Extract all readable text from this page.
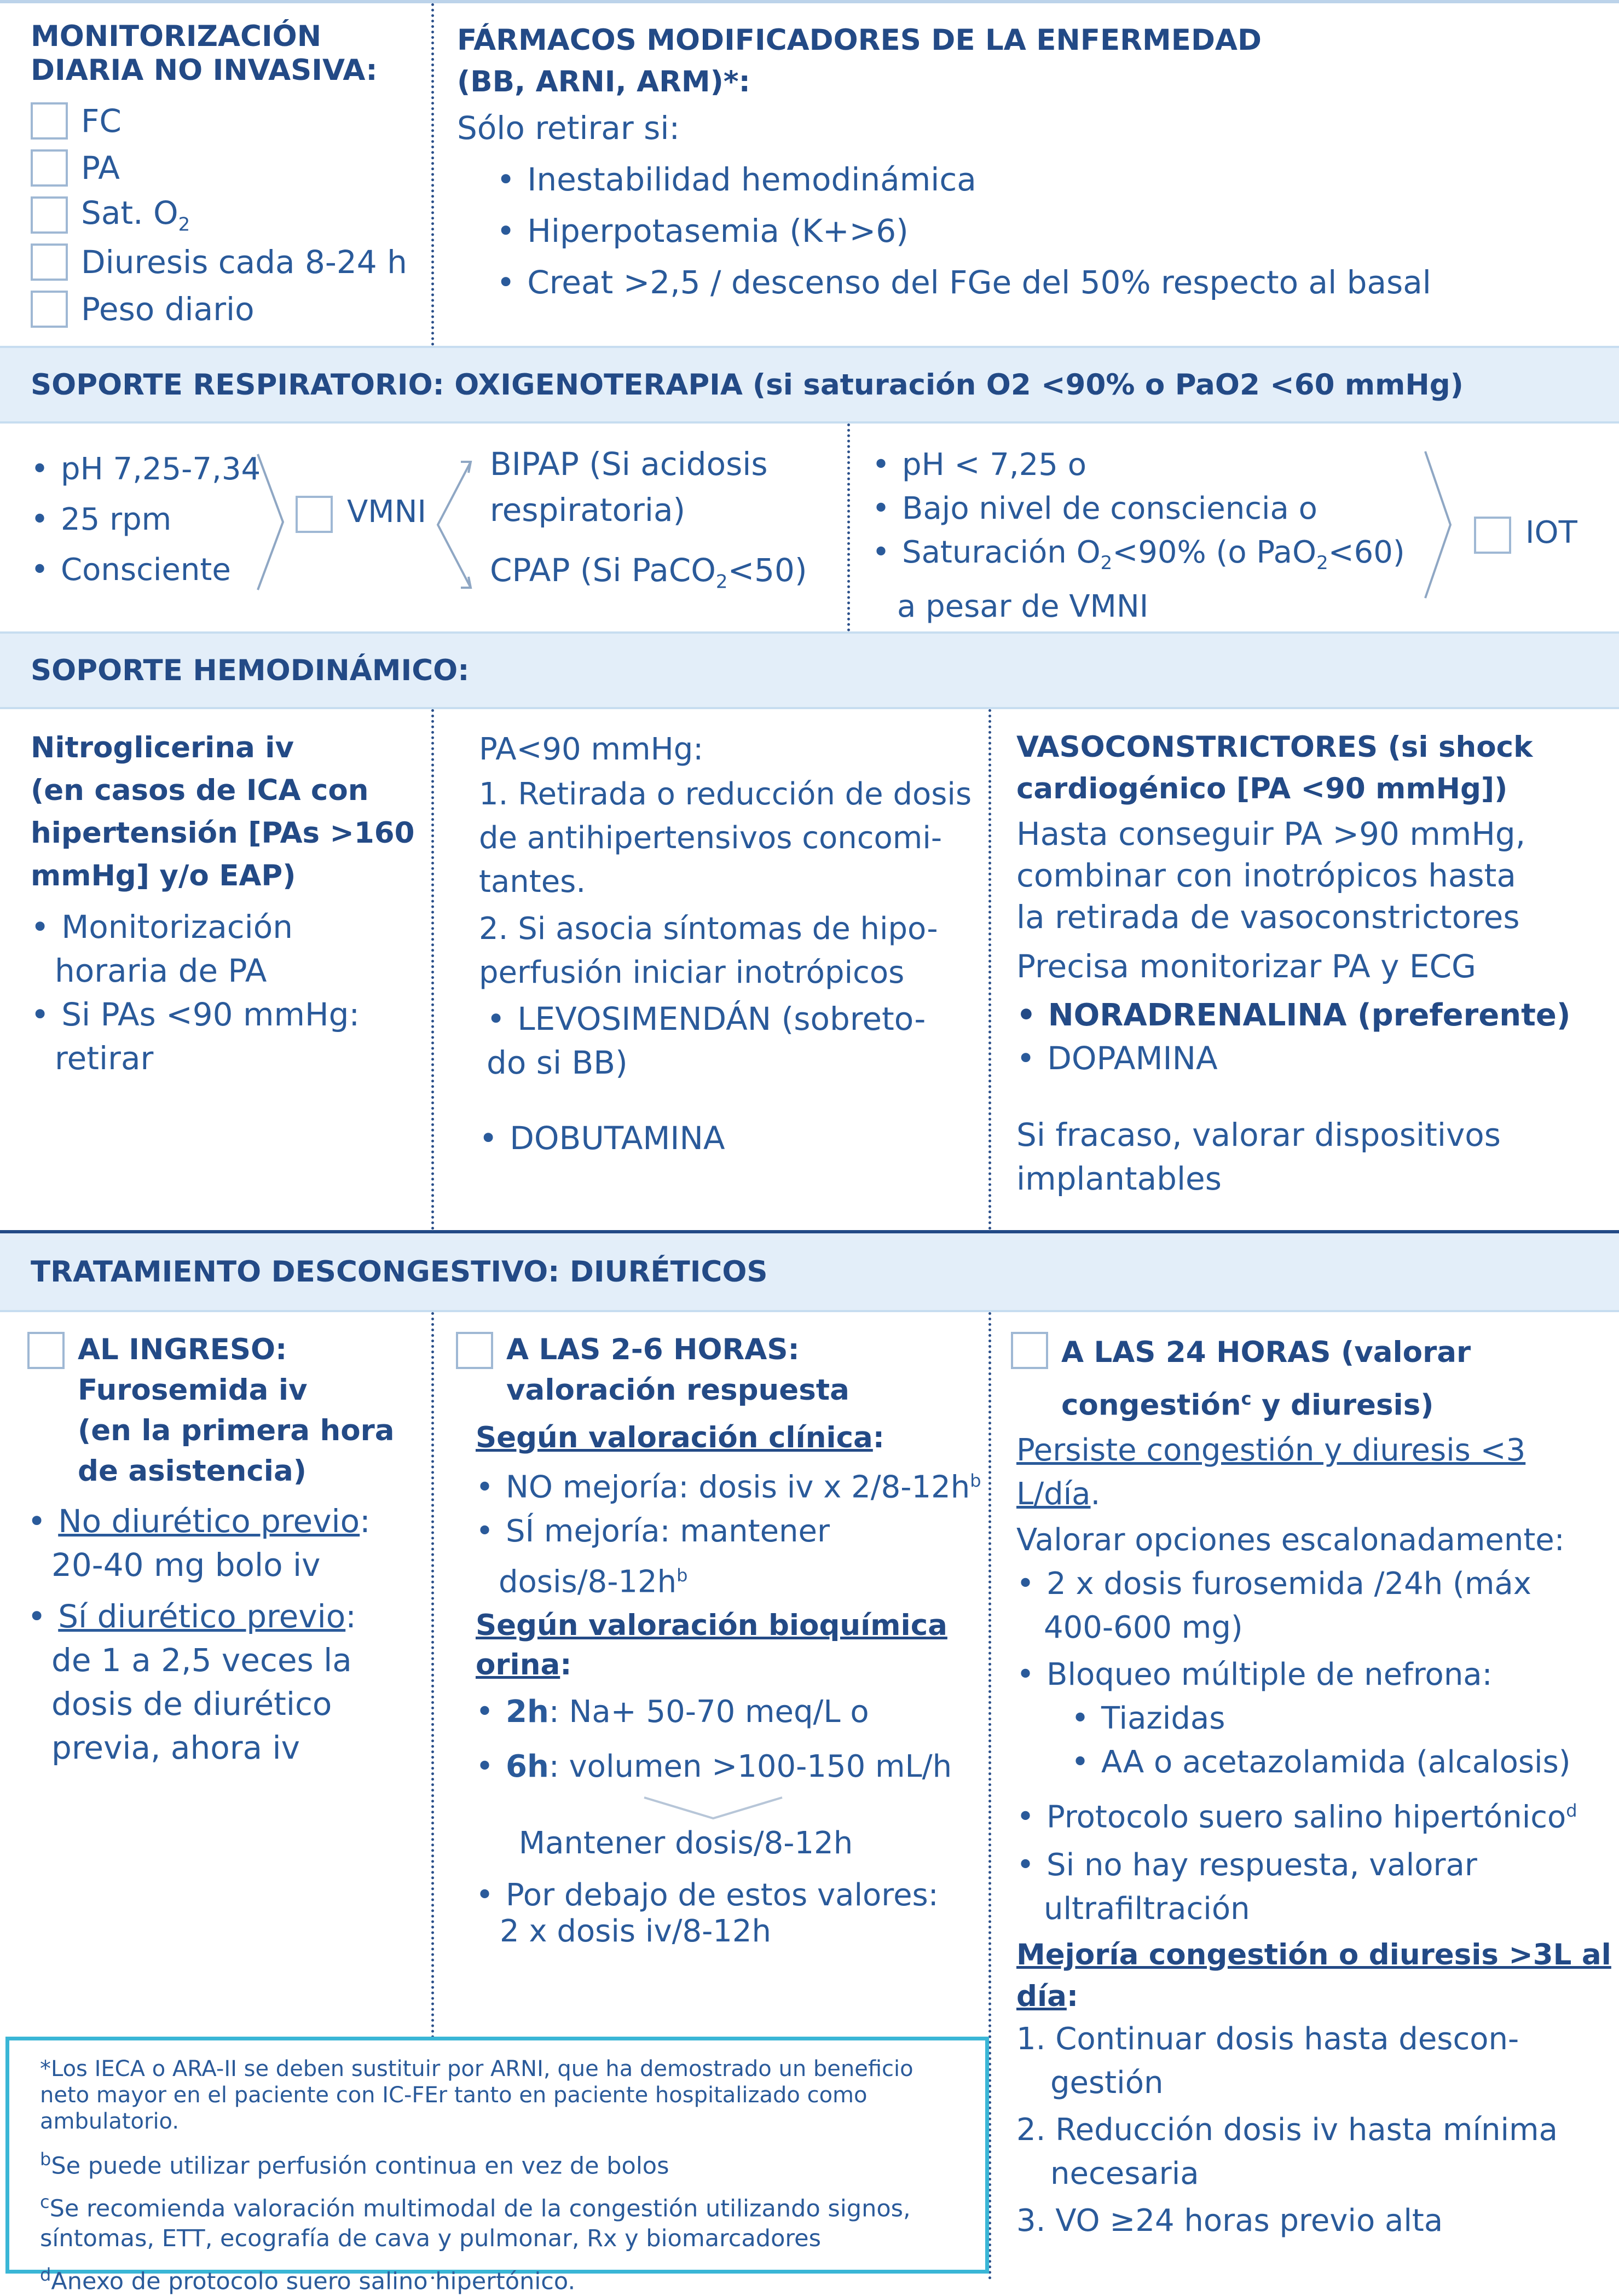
MONITORIZACIÓN
DIARIA NO INVASIVA:
FC
PA
Sat. $O_2$
Diuresis cada 8-24 h
Peso diario
FÁRMACOS MODIFICADORES DE LA ENFERMEDAD
(BB, ARNI, ARM)*:
Sólo retirar si:
• Inestabilidad hemodinámica
• Hiperpotasemia (K+>6)
• Creat >2,5 / descenso del FGe del 50% respecto al basal
SOPORTE RESPIRATORIO: OXIGENOTERAPIA (si saturación O2 <90% o PaO2 <60 mmHg)
• pH 7,25-7,34
• 25 rpm
• Consciente
VMNI
BIPAP (Si acidosis
respiratoria)
CPAP (Si PaCO$_2$<50)
• pH < 7,25 o
• Bajo nivel de consciencia o
• Saturación $O_2<90\%$ (o PaO$_2$<60)
a pesar de VMNI
IOT
SOPORTE HEMODINÁMICO:
Nitroglicerina iv
(en casos de ICA con
hipertensión [PAs >160
mmHg] y/o EAP)
• Monitorización
horaria de PA
• Si PAs <90 mmHg:
retirar
PA<90 mmHg:
1. Retirada o reducción de dosis
de antihipertensivos concomi-
tantes.
2. Si asocia síntomas de hipo-
perfusión iniciar inotrópicos
• LEVOSIMENDÁN (sobreto-
do si BB)
• DOBUTAMINA
VASOCONSTRICTORES (si shock
cardiogénico [PA <90 mmHg])
Hasta conseguir PA >90 mmHg,
combinar con inotrópicos hasta
la retirada de vasoconstrictores
Precisa monitorizar PA y ECG
• NORADRENALINA (preferente)
• DOPAMINA
Si fracaso, valorar dispositivos
implantables
TRATAMIENTO DESCONGESTIVO: DIURÉTICOS
AL INGRESO:
Furosemida iv
(en la primera hora
de asistencia)
• No diurético previo:
20-40 mg bolo iv
• Sí diurético previo:
de 1 a 2,5 veces la
dosis de diurético
previa, ahora iv
A LAS 2-6 HORAS:
valoración respuesta
Según valoración clínica:
• NO mejoría: dosis iv x $2/8-12h^b$
• SÍ mejoría: mantener
dosis/$8-12h^b$
Según valoración bioquímica
orina:
• 2h: Na+ 50-70 meq/L o
• 6h: volumen >100-150 mL/h
Mantener dosis/8-12h
• Por debajo de estos valores:
2 x dosis iv/8-12h
A LAS 24 HORAS (valorar
congestión$^c$ y diuresis)
Persiste congestión y diuresis <3 L/día.
Valorar opciones escalonadamente:
• 2 x dosis furosemida /24h (máx
400-600 mg)
• Bloqueo múltiple de nefrona:
• Tiazidas
• AA o acetazolamida (alcalosis)
• Protocolo suero salino hipertónico$^d$
• Si no hay respuesta, valorar
ultrafiltración
Mejoría congestión o diuresis >3L al día:
1. Continuar dosis hasta descon-
gestión
2. Reducción dosis iv hasta mínima
necesaria
3. VO ≥24 horas previo alta

*Los IECA o ARA-II se deben sustituir por ARNI, que ha demostrado un beneficio neto mayor en el paciente con IC-FEr tanto en paciente hospitalizado como ambulatorio.

$^b$Se puede utilizar perfusión continua en vez de bolos

$^c$Se recomienda valoración multimodal de la congestión utilizando signos, síntomas, ETT, ecografía de cava y pulmonar, Rx y biomarcadores

$^d$Anexo de protocolo suero salino hipertónico.
